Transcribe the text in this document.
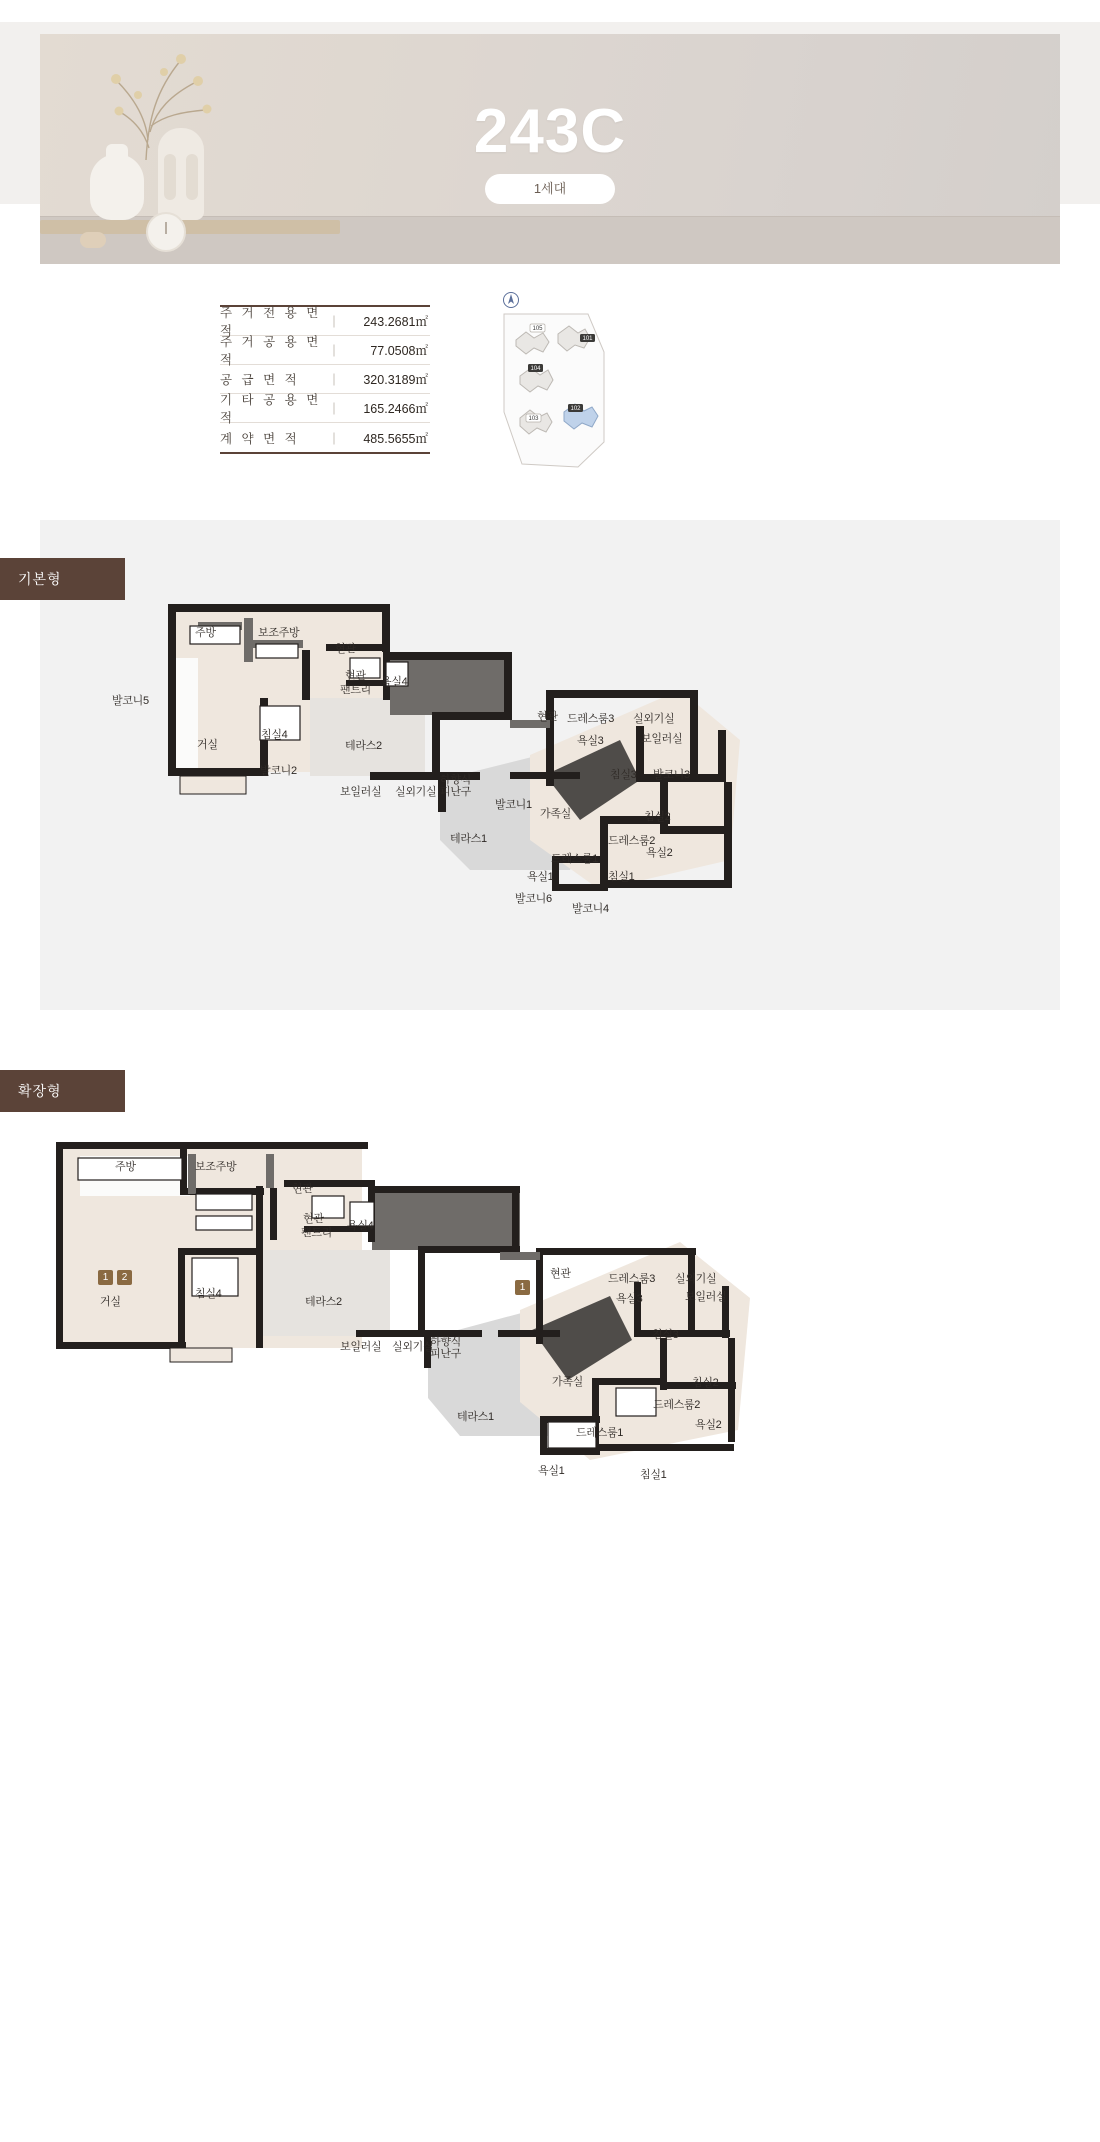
243C
1세대
주 거 전 용 면 적
|	243.2681㎡
주 거 공 용 면 적
|	77.0508㎡
공 급 면 적	|	320.3189㎡
기 타 공 용 면 적
|	165.2466㎡
계 약 면 적	|	485.5655㎡
105
101
104
103
102
기본형
주방	보조주방
현관
현관
팬트리
욕실4
발코니5
거실
침실4
테라스2
발코니2
보일러실 실외기실
하향식
피난구
발코니1
테라스1
가족실
현관 드레스룸3 실외기실
욕실3	보일러실
침실3 발코니3
침실2
드레스룸2
욕실2
드레스룸1
욕실1	침실1
발코니6
발코니4
확장형
1	2
1
주방	보조주방
현관
현관
팬트리
욕실4
거실
침실4
테라스2
보일러실 실외기실
하향식
피난구
현관	드레스룸3 실외기실
욕실3	보일러실
침실3
가족실	침실2
드레스룸2
욕실2
테라스1
드레스룸1
욕실1	침실1
